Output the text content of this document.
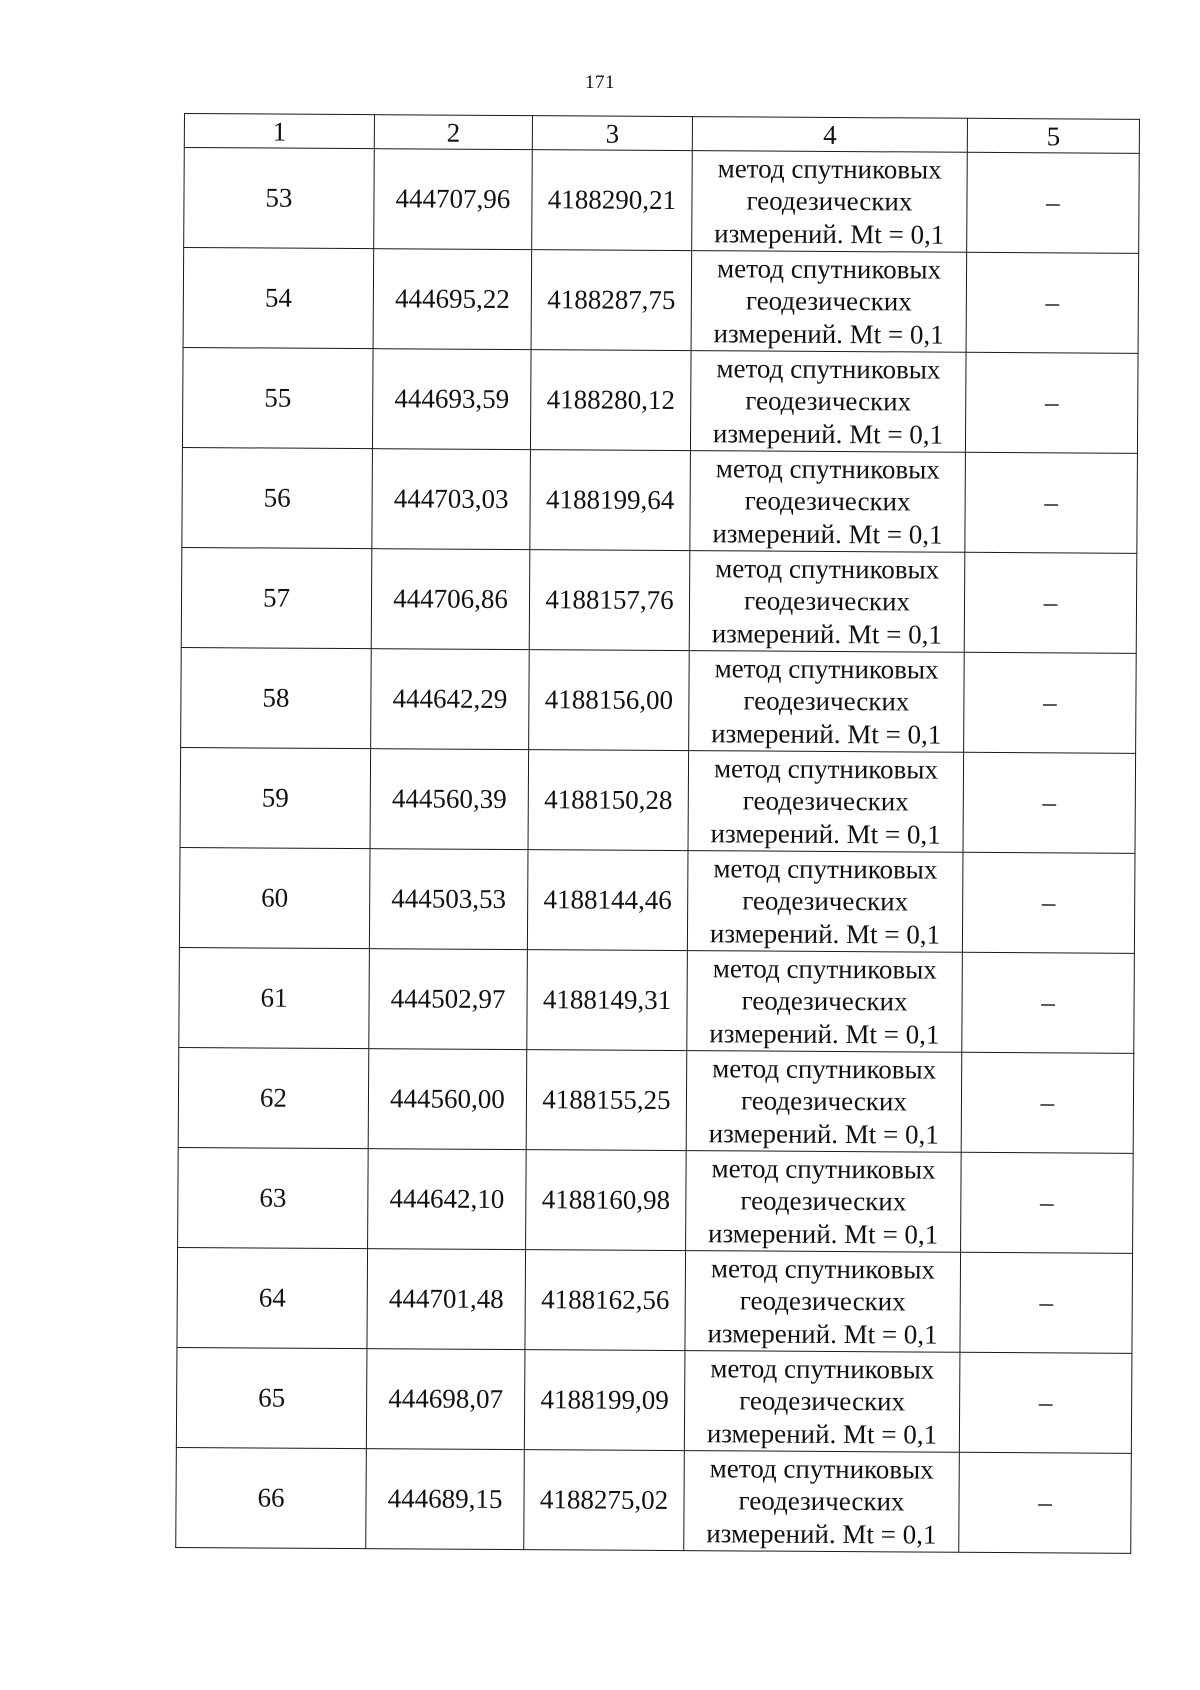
171
1	2	3	4	5
53	444707,96	4188290,21	метод спутниковых
геодезических
измерений. Mt = 0,1	–
54	444695,22	4188287,75	метод спутниковых
геодезических
измерений. Mt = 0,1	–
55	444693,59	4188280,12	метод спутниковых
геодезических
измерений. Mt = 0,1	–
56	444703,03	4188199,64	метод спутниковых
геодезических
измерений. Mt = 0,1	–
57	444706,86	4188157,76	метод спутниковых
геодезических
измерений. Mt = 0,1	–
58	444642,29	4188156,00	метод спутниковых
геодезических
измерений. Mt = 0,1	–
59	444560,39	4188150,28	метод спутниковых
геодезических
измерений. Mt = 0,1	–
60	444503,53	4188144,46	метод спутниковых
геодезических
измерений. Mt = 0,1	–
61	444502,97	4188149,31	метод спутниковых
геодезических
измерений. Mt = 0,1	–
62	444560,00	4188155,25	метод спутниковых
геодезических
измерений. Mt = 0,1	–
63	444642,10	4188160,98	метод спутниковых
геодезических
измерений. Mt = 0,1	–
64	444701,48	4188162,56	метод спутниковых
геодезических
измерений. Mt = 0,1	–
65	444698,07	4188199,09	метод спутниковых
геодезических
измерений. Mt = 0,1	–
66	444689,15	4188275,02	метод спутниковых
геодезических
измерений. Mt = 0,1	–
